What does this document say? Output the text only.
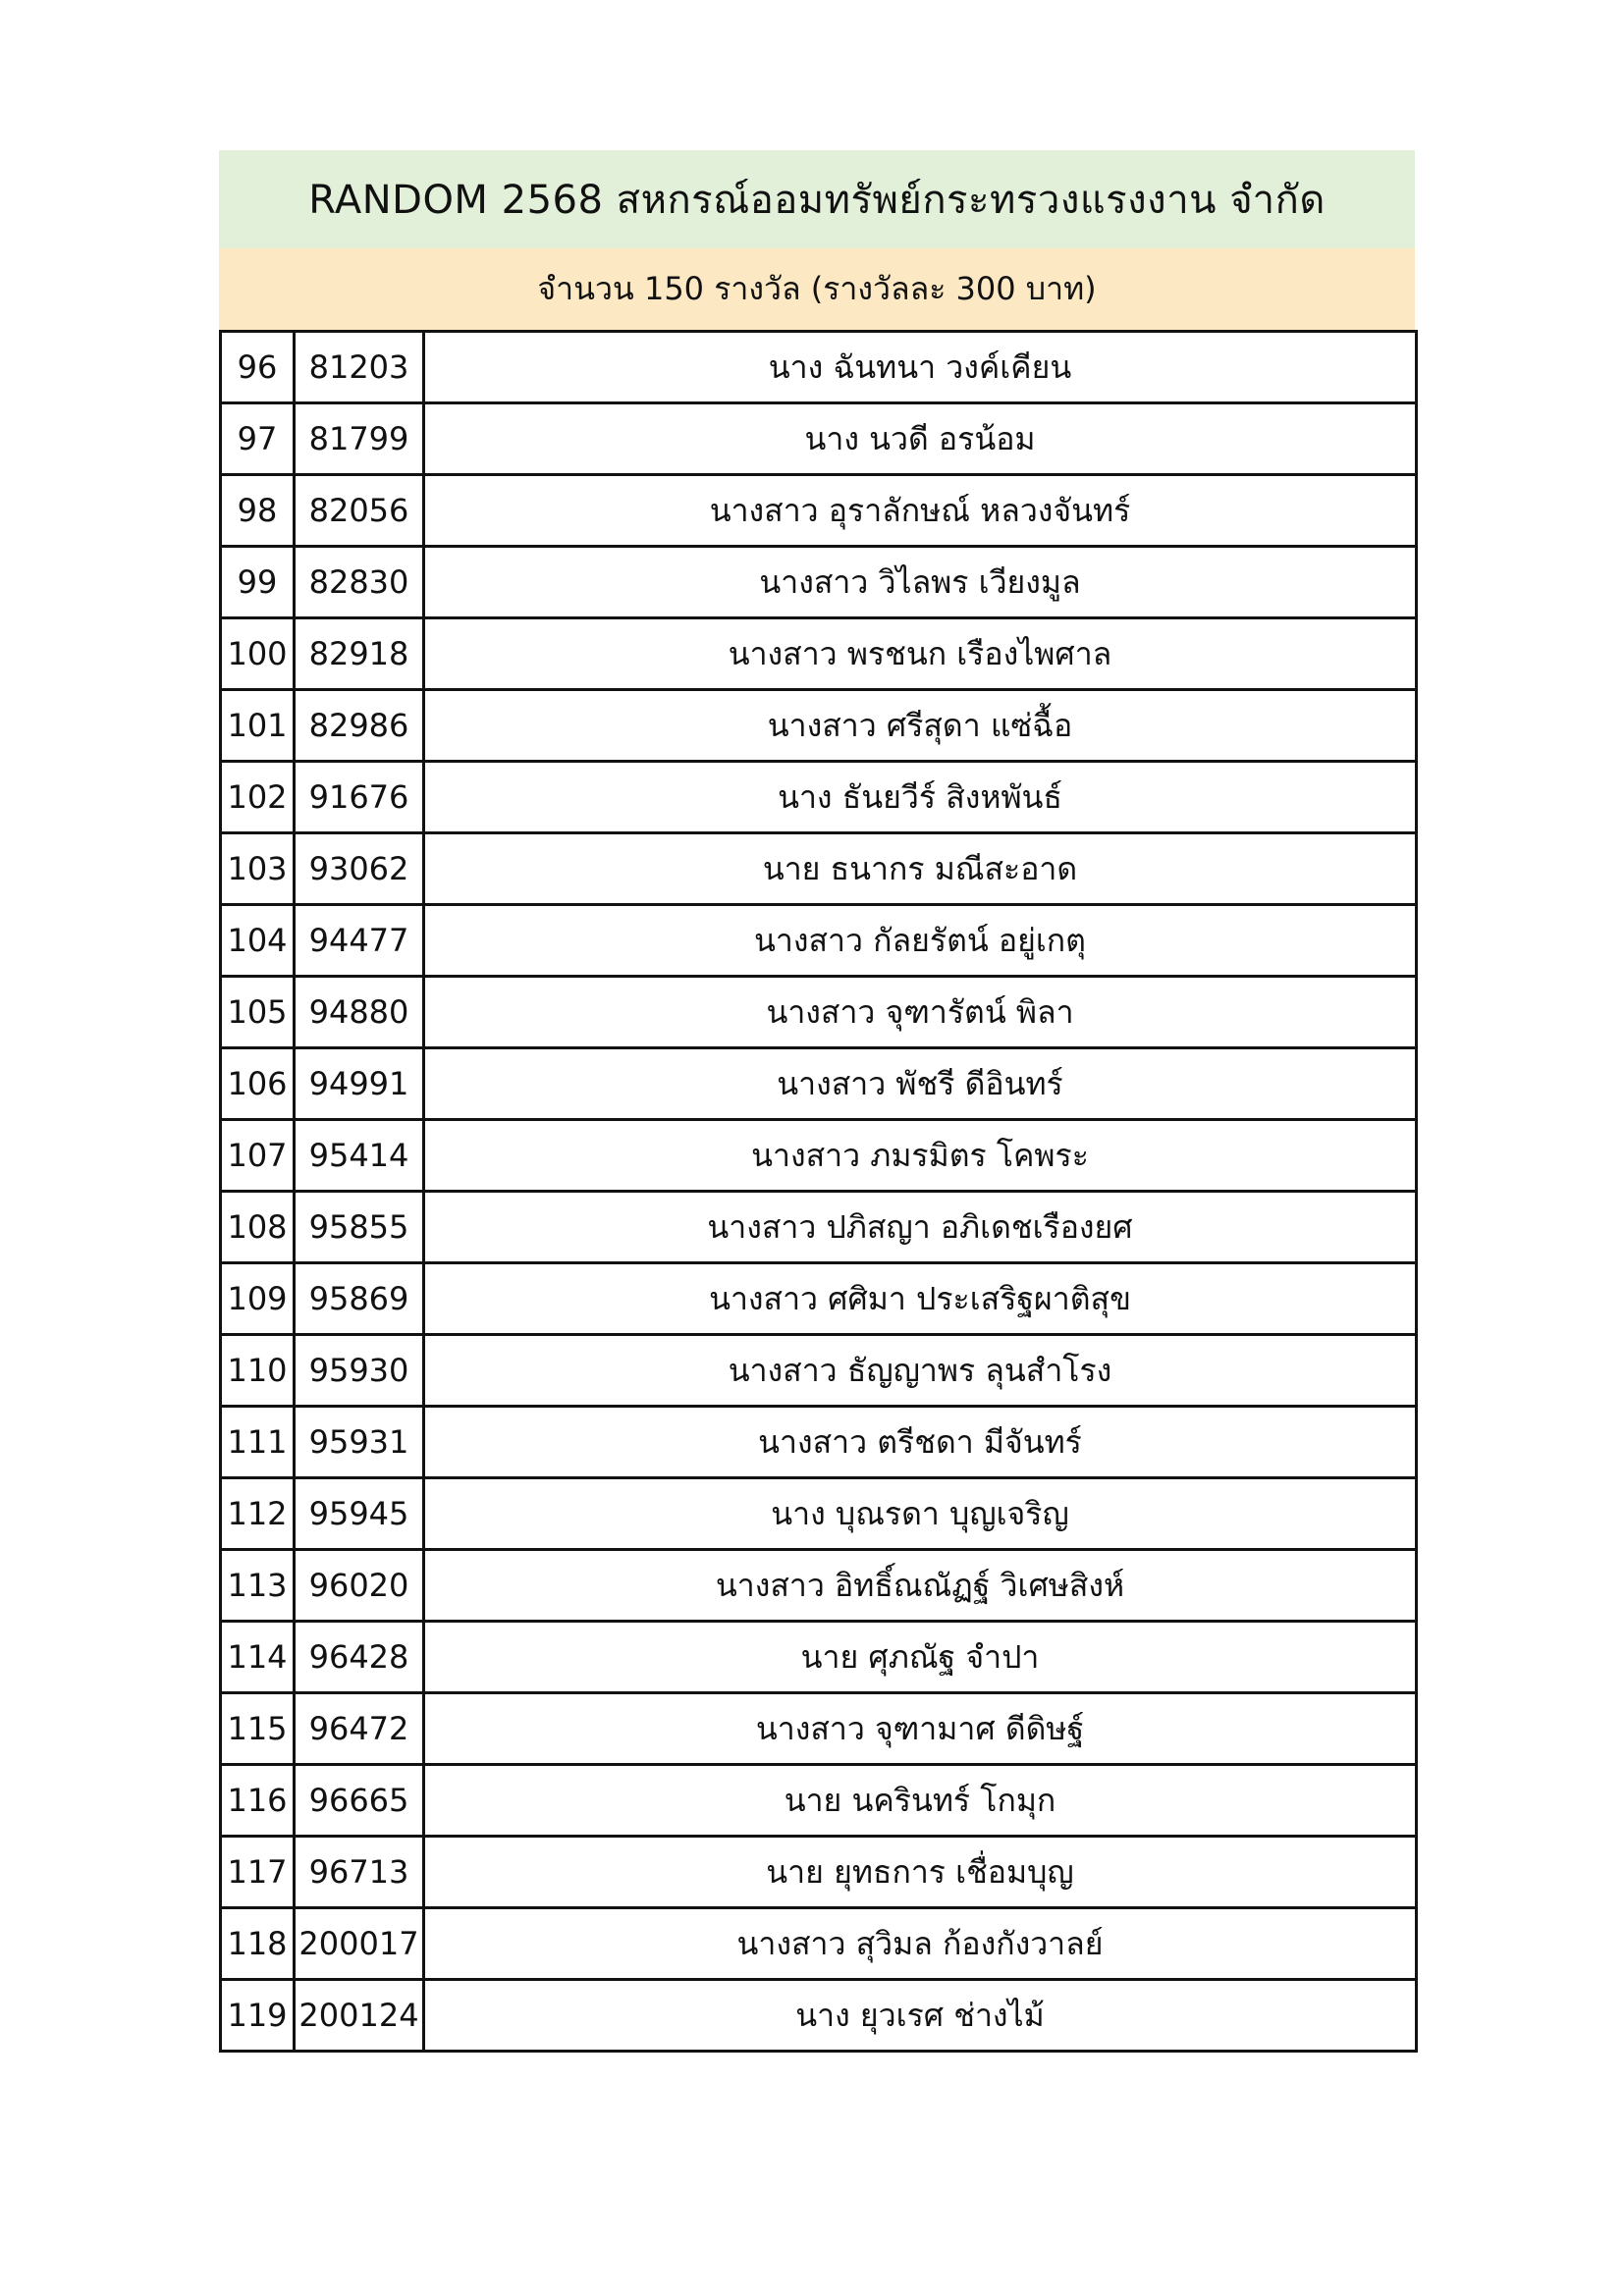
RANDOM 2568 สหกรณ์ออมทรัพย์กระทรวงแรงงาน จำกัด
จำนวน 150 รางวัล (รางวัลละ 300 บาท)
96	81203	นาง ฉันทนา วงค์เคียน
97	81799	นาง นวดี อรน้อม
98	82056	นางสาว อุราลักษณ์ หลวงจันทร์
99	82830	นางสาว วิไลพร เวียงมูล
100	82918	นางสาว พรชนก เรืองไพศาล
101	82986	นางสาว ศรีสุดา แซ่ฉื้อ
102	91676	นาง ธันยวีร์ สิงหพันธ์
103	93062	นาย ธนากร มณีสะอาด
104	94477	นางสาว กัลยรัตน์ อยู่เกตุ
105	94880	นางสาว จุฑารัตน์ พิลา
106	94991	นางสาว พัชรี ดีอินทร์
107	95414	นางสาว ภมรมิตร โคพระ
108	95855	นางสาว ปภิสญา อภิเดชเรืองยศ
109	95869	นางสาว ศศิมา ประเสริฐผาติสุข
110	95930	นางสาว ธัญญาพร ลุนสำโรง
111	95931	นางสาว ตรีชดา มีจันทร์
112	95945	นาง บุณรดา บุญเจริญ
113	96020	นางสาว อิทธิ์ณณัฏฐ์ วิเศษสิงห์
114	96428	นาย ศุภณัฐ จำปา
115	96472	นางสาว จุฑามาศ ดีดิษฐ์
116	96665	นาย นครินทร์ โกมุก
117	96713	นาย ยุทธการ เชื่อมบุญ
118	200017	นางสาว สุวิมล ก้องกังวาลย์
119	200124	นาง ยุวเรศ ช่างไม้
